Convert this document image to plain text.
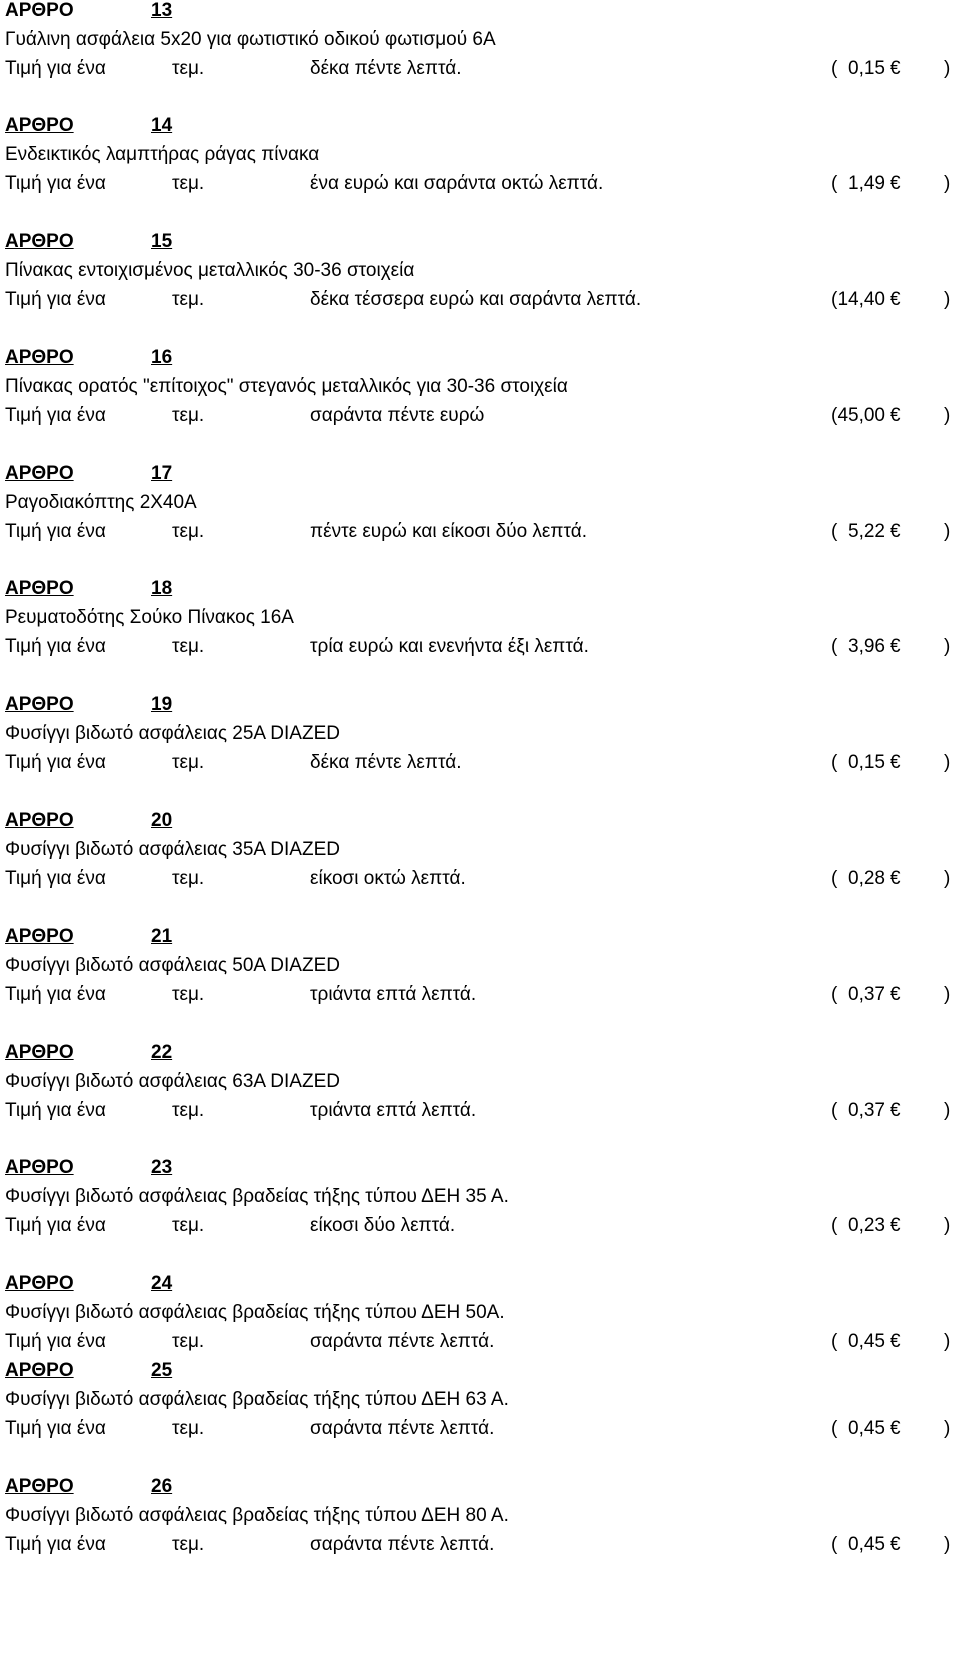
ΑΡΘΡΟ	13
Γυάλινη ασφάλεια 5x20 για φωτιστικό οδικού φωτισμού 6Α
Τιμή για ένα	τεμ.	δέκα πέντε λεπτά.	( 0,15 € )
ΑΡΘΡΟ	14
Ενδεικτικός λαμπτήρας ράγας πίνακα
Τιμή για ένα	τεμ.	ένα ευρώ και σαράντα οκτώ λεπτά.	( 1,49 € )
ΑΡΘΡΟ	15
Πίνακας εντοιχισμένος μεταλλικός 30-36 στοιχεία
Τιμή για ένα	τεμ.	δέκα τέσσερα ευρώ και σαράντα λεπτά.	( 14,40 € )
ΑΡΘΡΟ	16
Πίνακας ορατός "επίτοιχος" στεγανός μεταλλικός για 30-36 στοιχεία
Τιμή για ένα	τεμ.	σαράντα πέντε ευρώ	( 45,00 € )
ΑΡΘΡΟ	17
Ραγοδιακόπτης 2Χ40Α
Τιμή για ένα	τεμ.	πέντε ευρώ και είκοσι δύο λεπτά.	( 5,22 € )
ΑΡΘΡΟ	18
Ρευματοδότης Σούκο Πίνακος 16Α
Τιμή για ένα	τεμ.	τρία ευρώ και ενενήντα έξι λεπτά.	( 3,96 € )
ΑΡΘΡΟ	19
Φυσίγγι βιδωτό ασφάλειας 25Α DIAZED
Τιμή για ένα	τεμ.	δέκα πέντε λεπτά.	( 0,15 € )
ΑΡΘΡΟ	20
Φυσίγγι βιδωτό ασφάλειας 35Α DIAZED
Τιμή για ένα	τεμ.	είκοσι οκτώ λεπτά.	( 0,28 € )
ΑΡΘΡΟ	21
Φυσίγγι βιδωτό ασφάλειας 50Α DIAZED
Τιμή για ένα	τεμ.	τριάντα επτά λεπτά.	( 0,37 € )
ΑΡΘΡΟ	22
Φυσίγγι βιδωτό ασφάλειας 63Α DIAZED
Τιμή για ένα	τεμ.	τριάντα επτά λεπτά.	( 0,37 € )
ΑΡΘΡΟ	23
Φυσίγγι βιδωτό ασφάλειας βραδείας τήξης τύπου ΔΕΗ 35 Α.
Τιμή για ένα	τεμ.	είκοσι δύο λεπτά.	( 0,23 € )
ΑΡΘΡΟ	24
Φυσίγγι βιδωτό ασφάλειας βραδείας τήξης τύπου ΔΕΗ 50Α.
Τιμή για ένα	τεμ.	σαράντα πέντε λεπτά.	( 0,45 € )
ΑΡΘΡΟ	25
Φυσίγγι βιδωτό ασφάλειας βραδείας τήξης τύπου ΔΕΗ 63 Α.
Τιμή για ένα	τεμ.	σαράντα πέντε λεπτά.	( 0,45 € )
ΑΡΘΡΟ	26
Φυσίγγι βιδωτό ασφάλειας βραδείας τήξης τύπου ΔΕΗ 80 Α.
Τιμή για ένα	τεμ.	σαράντα πέντε λεπτά.	( 0,45 € )
